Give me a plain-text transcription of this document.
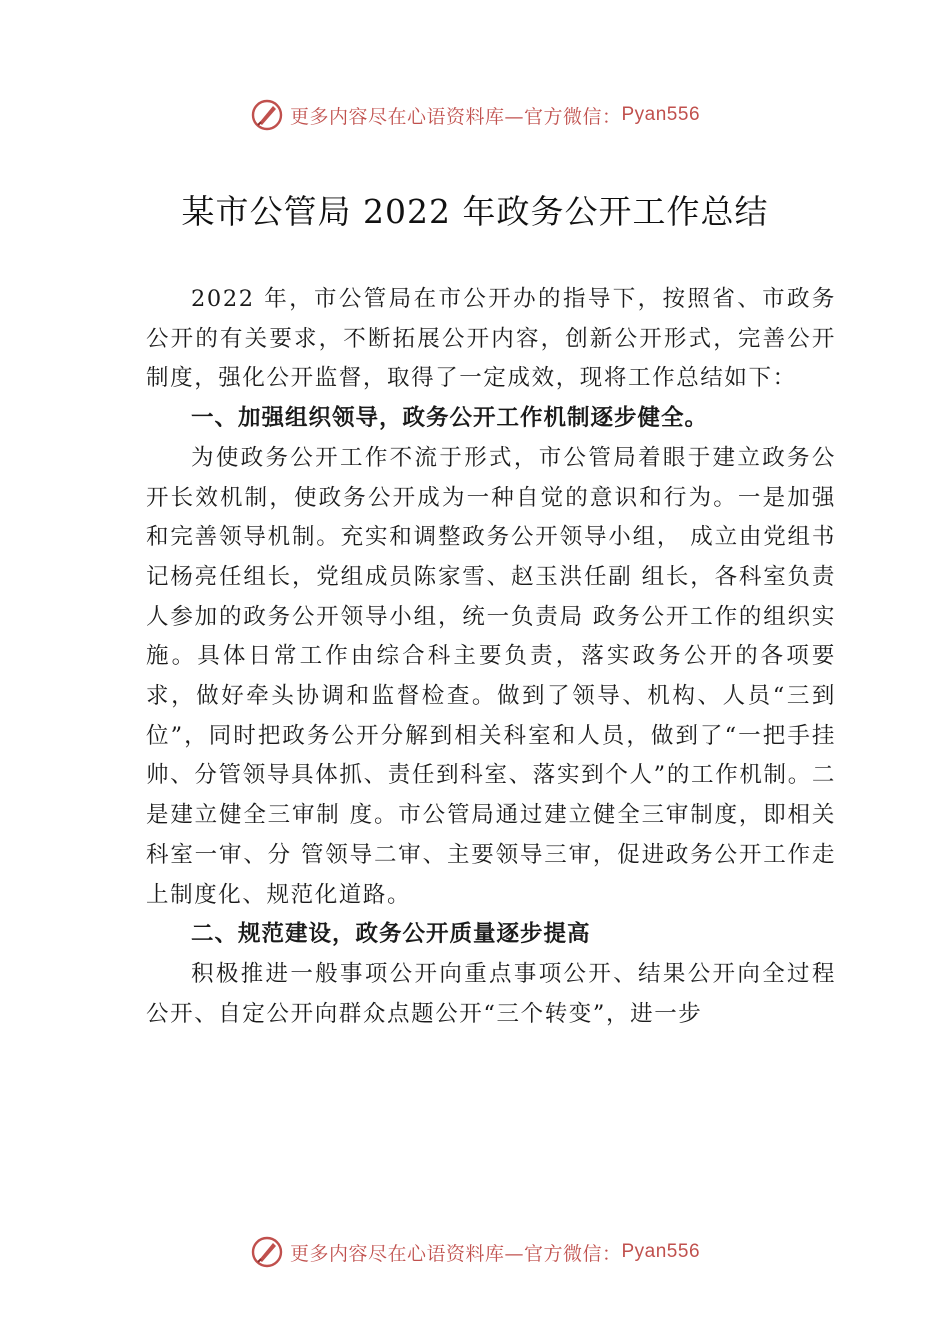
更多内容尽在心语资料库—官方微信： Pyan556
某市公管局 2022 年政务公开工作总结

2022 年，市公管局在市公开办的指导下，按照省、市政务公开的有关要求，不断拓展公开内容，创新公开形式，完善公开制度，强化公开监督，取得了一定成效，现将工作总结如下：

一、加强组织领导，政务公开工作机制逐步健全。

为使政务公开工作不流于形式，市公管局着眼于建立政务公开长效机制，使政务公开成为一种自觉的意识和行为。一是加强和完善领导机制。充实和调整政务公开领导小组， 成立由党组书记杨亮任组长，党组成员陈家雪、赵玉洪任副 组长，各科室负责人参加的政务公开领导小组，统一负责局 政务公开工作的组织实施。具体日常工作由综合科主要负责，落实政务公开的各项要求，做好牵头协调和监督检查。做到了领导、机构、人员“三到位”，同时把政务公开分解到相关科室和人员，做到了“一把手挂帅、分管领导具体抓、责任到科室、落实到个人”的工作机制。二是建立健全三审制 度。市公管局通过建立健全三审制度，即相关科室一审、分 管领导二审、主要领导三审，促进政务公开工作走上制度化、规范化道路。

二、规范建设，政务公开质量逐步提高

积极推进一般事项公开向重点事项公开、结果公开向全过程公开、自定公开向群众点题公开“三个转变”，进一步

更多内容尽在心语资料库—官方微信： Pyan556
